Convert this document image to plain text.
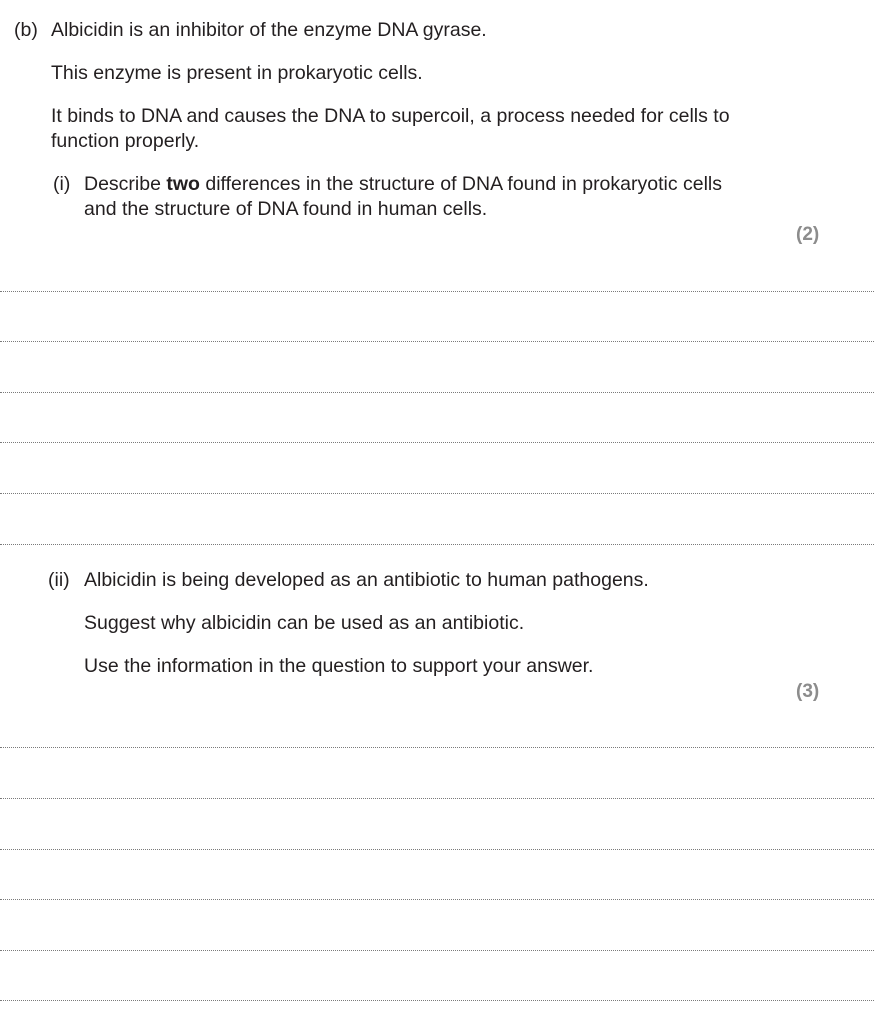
(b) Albicidin is an inhibitor of the enzyme DNA gyrase.
This enzyme is present in prokaryotic cells.
It binds to DNA and causes the DNA to supercoil, a process needed for cells to
function properly.
(i) Describe two differences in the structure of DNA found in prokaryotic cells
and the structure of DNA found in human cells.
(2)
(ii) Albicidin is being developed as an antibiotic to human pathogens.
Suggest why albicidin can be used as an antibiotic.
Use the information in the question to support your answer.
(3)
